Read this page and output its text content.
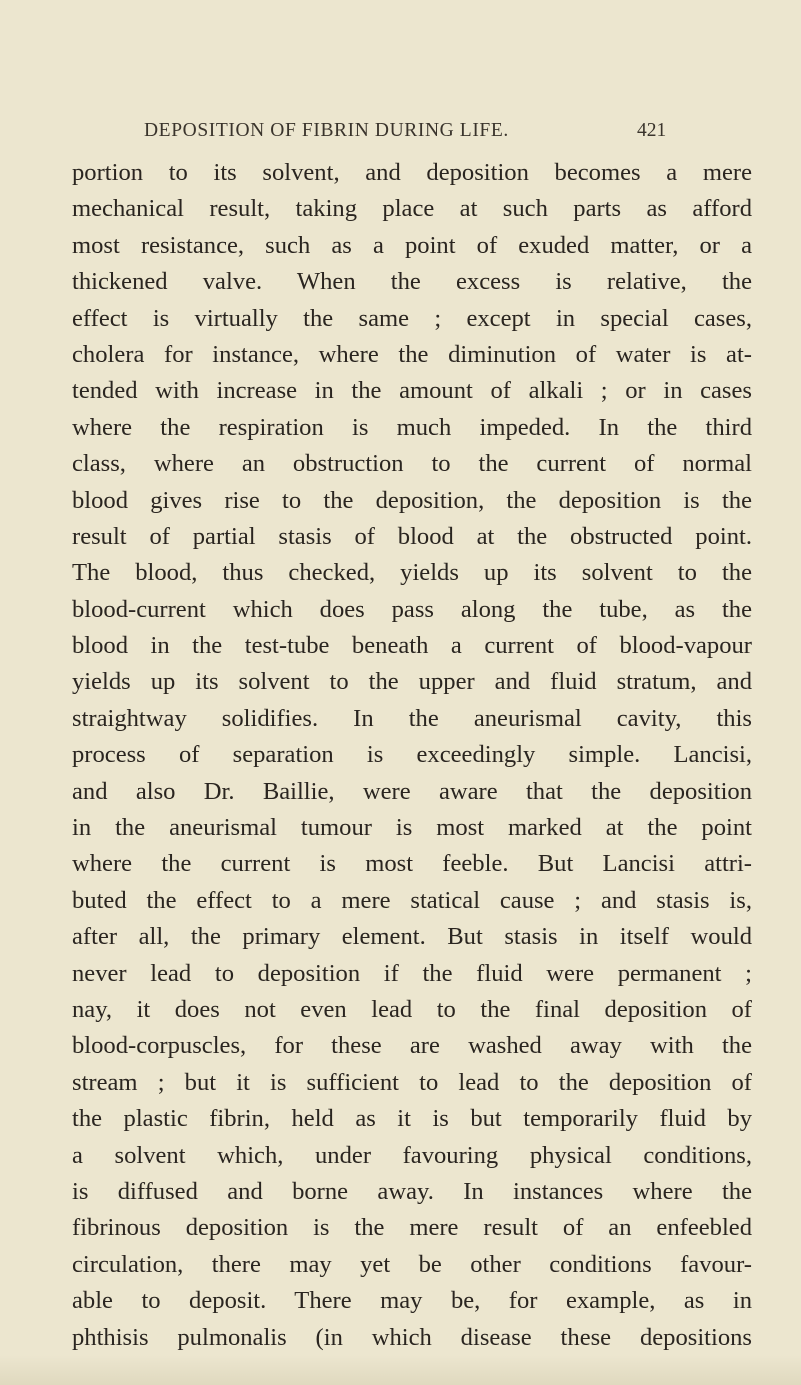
DEPOSITION OF FIBRIN DURING LIFE.	421
portion to its solvent, and deposition becomes a mere
mechanical result, taking place at such parts as afford
most resistance, such as a point of exuded matter, or a
thickened valve. When the excess is relative, the
effect is virtually the same ; except in special cases,
cholera for instance, where the diminution of water is at-
tended with increase in the amount of alkali ; or in cases
where the respiration is much impeded. In the third
class, where an obstruction to the current of normal
blood gives rise to the deposition, the deposition is the
result of partial stasis of blood at the obstructed point.
The blood, thus checked, yields up its solvent to the
blood-current which does pass along the tube, as the
blood in the test-tube beneath a current of blood-vapour
yields up its solvent to the upper and fluid stratum, and
straightway solidifies. In the aneurismal cavity, this
process of separation is exceedingly simple. Lancisi,
and also Dr. Baillie, were aware that the deposition
in the aneurismal tumour is most marked at the point
where the current is most feeble. But Lancisi attri-
buted the effect to a mere statical cause ; and stasis is,
after all, the primary element. But stasis in itself would
never lead to deposition if the fluid were permanent ;
nay, it does not even lead to the final deposition of
blood-corpuscles, for these are washed away with the
stream ; but it is sufficient to lead to the deposition of
the plastic fibrin, held as it is but temporarily fluid by
a solvent which, under favouring physical conditions,
is diffused and borne away. In instances where the
fibrinous deposition is the mere result of an enfeebled
circulation, there may yet be other conditions favour-
able to deposit. There may be, for example, as in
phthisis pulmonalis (in which disease these depositions
